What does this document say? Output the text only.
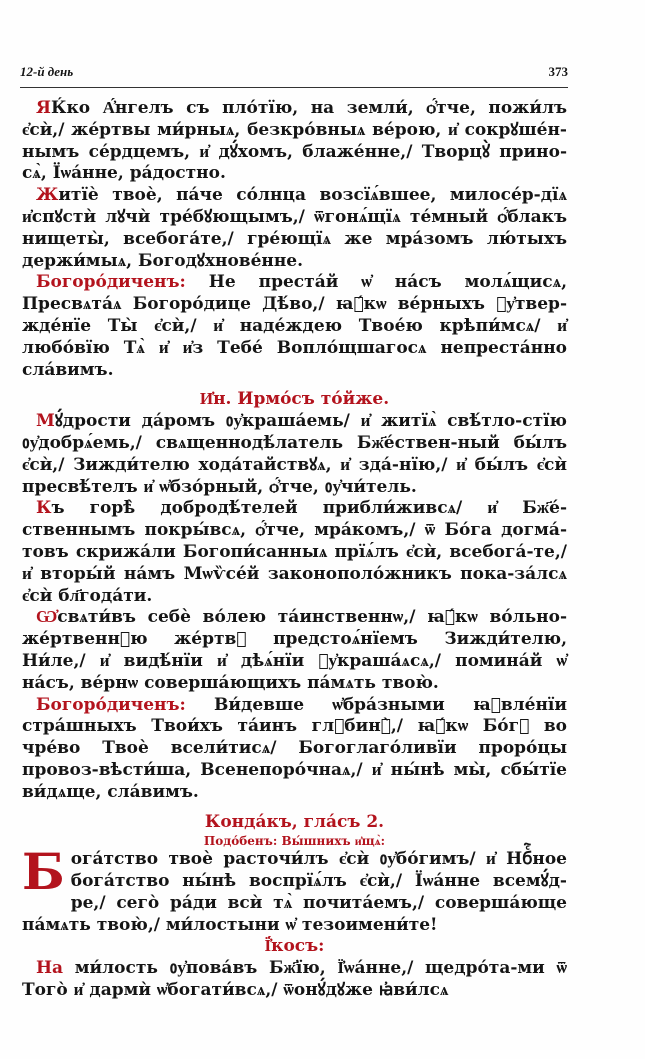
12-й день	373
ЯЌко А҆́нгелъ съ пло́тїю, на земли́, ѻ҆́тче, пожи́лъ є҆сѝ,/ же́ртвы ми́рныѧ, безкро́вныѧ ве́рою, и҆ сокрꙋше́н-нымъ се́рдцемъ, и҆ дꙋ́хомъ, блаже́нне,/ Творцꙋ̀ прино-сѧ̀, Їѡа́нне, ра́достно.
Житїѐ твоѐ, па́че со́лнца возсїѧ́вшее, милосе́р-дїѧ и҆спꙋстѝ лꙋчѝ тре́бꙋющымъ,/ ѿгонѧ́щїѧ те́мный ѻ҆́блакъ нищеты̀, всебога́те,/ гре́ющїѧ же мра́зомъ лю́тыхъ держи́мыѧ, Богодꙋхнове́нне.
Богоро́диченъ: Не преста́й ѡ҆ на́съ молѧ́щисѧ, Пресвѧта́ѧ Богоро́дице Дѣ́во,/ ꙗ҆́кѡ ве́рныхъ ᲂу҆твер-жде́нїе Ты̀ є҆сѝ,/ и҆ наде́ждею Твое́ю крѣпи́мсѧ/ и҆ любо́вїю Тѧ̀ и҆ и҆з Тебе́ Вопло́щшагосѧ непреста́нно сла́вимъ.
И҆н. Ирмо́съ то́йже.
Мꙋ́дрости да́ромъ ᲂу҆краша́емь/ и҆ житїѧ̀ свѣ́тло-стїю ᲂу҆добрѧ́емь,/ свѧщеннодѣ́латель Бж҃е́ствен-ный бы́лъ є҆сѝ,/ Зижди́телю хода́тайствꙋѧ, и҆ зда́-нїю,/ и҆ бы́лъ є҆сѝ пресвѣ́телъ и҆ ѡ҆бзо́рный, ѻ҆́тче, ᲂу҆чи́тель.
Къ горѣ̀ добродѣ́телей прибли́живсѧ/ и҆ Бж҃е́-ственнымъ покры́всѧ, ѻ҆́тче, мра́комъ,/ ѿ Бо́га догма́-товъ скрижа́ли Богопи́санныѧ прїѧ́лъ є҆сѝ, всебога́-те,/ и҆ вторы́й на́мъ Мѡѷсе́й законополо́жникъ пока-за́лсѧ є҆сѝ бл҃года́ти.
Ѡ҆свѧти́въ себѐ во́лею та́инственнѡ,/ ꙗ҆́кѡ во́льно-же́ртвеннꙋю же́ртвꙋ предстоѧ́нїемъ Зижди́телю, Ни́ле,/ и҆ видѣ́нїи и҆ дѣѧ́нїи ᲂу҆краша́ѧсѧ,/ помина́й ѡ҆ на́съ, ве́рнѡ соверша́ющихъ па́мѧть твою̀.
Богоро́диченъ: Ви́девше ѡ҆бра́зными ꙗ҆вле́нїи стра́шныхъ Твои́хъ та́инъ глꙋбинꙋ̀,/ ꙗ҆́кѡ Бо́гꙋ во чре́во Твоѐ всели́тисѧ/ Богоглаго́ливїи проро́цы провоз-вѣсти́ша, Всенепоро́чнаѧ,/ и҆ ны́нѣ мы̀, сбы́тїе ви́дѧще, сла́вимъ.
Конда́къ, гла́съ 2.
Подо́бенъ: Вы́шнихъ и҆щѧ̀:
Б ога́тство твоѐ расточи́лъ є҆сѝ ᲂу҆бо́гимъ/ и҆ Нбⷭ҇ное бога́тство ны́нѣ воспрїѧ́лъ є҆сѝ,/ Їѡа́нне всемꙋ́д-ре,/ сего̀ ра́ди всѝ тѧ̀ почита́емъ,/ соверша́юще па́мѧть твою̀,/ ми́лостыни ѡ҆ тезоимени́те!
Ї҆́косъ:
На ми́лость ᲂу҆пова́въ Бж҃їю, Ї҆ѡа́нне,/ щедро́та-ми ѿ Того̀ и҆ дармѝ ѡ҆богати́всѧ,/ ѿонꙋ́дꙋже ꙗ҆ви́лсѧ
